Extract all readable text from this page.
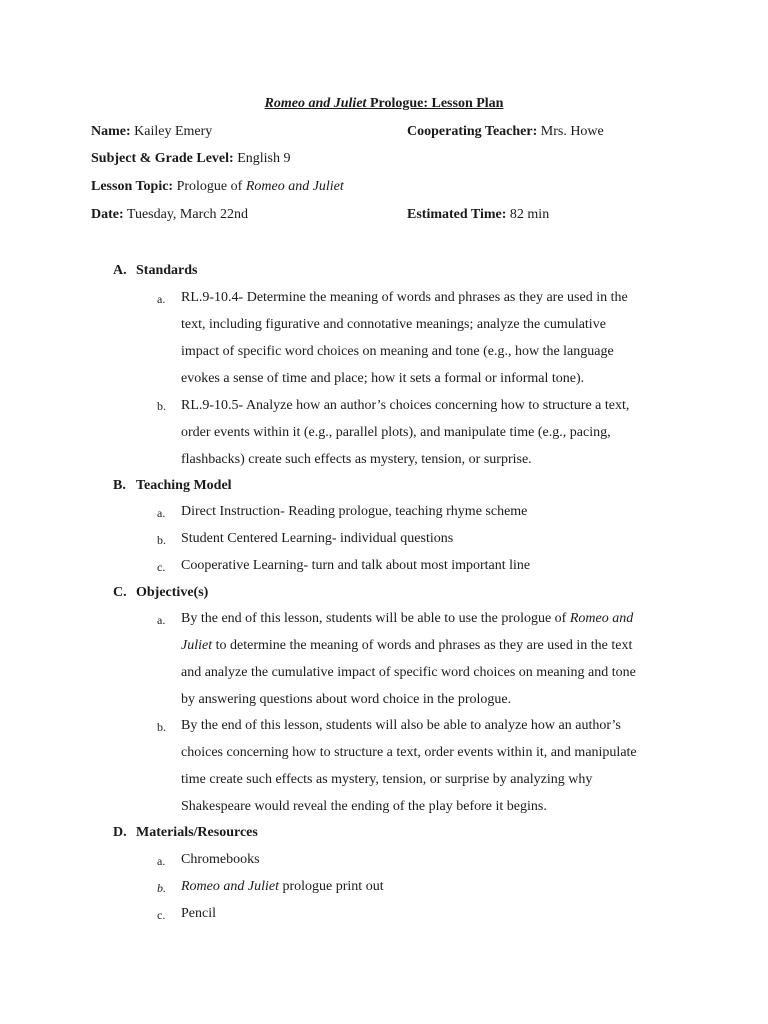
Romeo and Juliet Prologue: Lesson Plan
Name: Kailey Emery	Cooperating Teacher: Mrs. Howe
Subject & Grade Level: English 9
Lesson Topic: Prologue of Romeo and Juliet
Date: Tuesday, March 22nd	Estimated Time: 82 min
A. Standards
a. RL.9-10.4- Determine the meaning of words and phrases as they are used in the
text, including figurative and connotative meanings; analyze the cumulative
impact of specific word choices on meaning and tone (e.g., how the language
evokes a sense of time and place; how it sets a formal or informal tone).
b. RL.9-10.5- Analyze how an author’s choices concerning how to structure a text,
order events within it (e.g., parallel plots), and manipulate time (e.g., pacing,
flashbacks) create such effects as mystery, tension, or surprise.
B. Teaching Model
a. Direct Instruction- Reading prologue, teaching rhyme scheme
b. Student Centered Learning- individual questions
c. Cooperative Learning- turn and talk about most important line
C. Objective(s)
a. By the end of this lesson, students will be able to use the prologue of Romeo and
Juliet to determine the meaning of words and phrases as they are used in the text
and analyze the cumulative impact of specific word choices on meaning and tone
by answering questions about word choice in the prologue.
b. By the end of this lesson, students will also be able to analyze how an author’s
choices concerning how to structure a text, order events within it, and manipulate
time create such effects as mystery, tension, or surprise by analyzing why
Shakespeare would reveal the ending of the play before it begins.
D. Materials/Resources
a. Chromebooks
b. Romeo and Juliet prologue print out
c. Pencil
